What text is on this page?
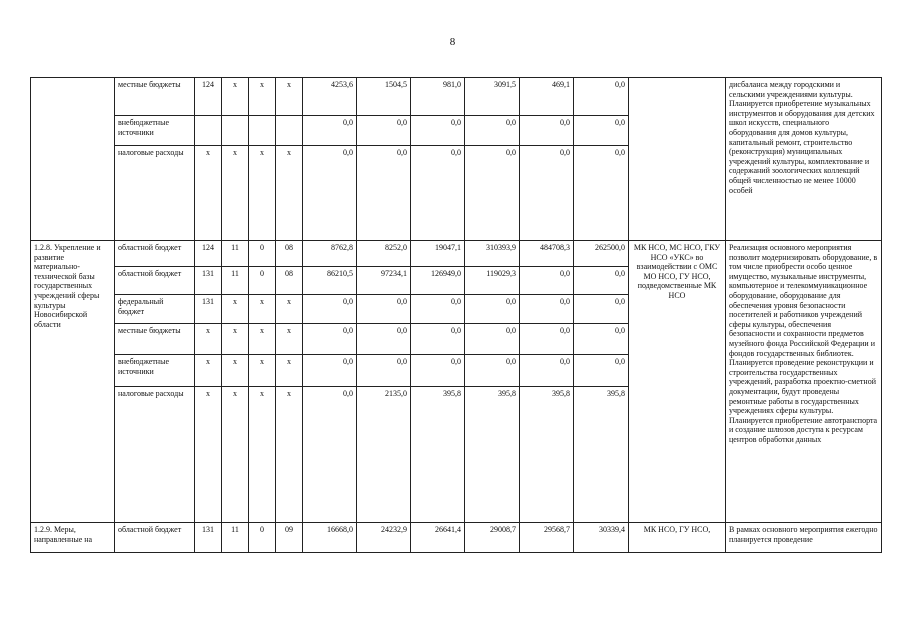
8
	местные бюджеты	124	x	x	x	4253,6	1504,5	981,0	3091,5	469,1	0,0		дисбаланса между городскими и сельскими учреждениями культуры. Планируется приобретение музыкальных инструментов и оборудования для детских школ искусств, специального оборудования для домов культуры, капитальный ремонт, строительство (реконструкция) муниципальных учреждений культуры, комплектование и содержаний зоологических коллекций общей численностью не менее 10000 особей
	внебюджетные источники					0,0	0,0	0,0	0,0	0,0	0,0		
	налоговые расходы	x	x	x	x	0,0	0,0	0,0	0,0	0,0	0,0		
1.2.8. Укрепление и развитие материально-технической базы государственных учреждений сферы культуры Новосибирской области	областной бюджет	124	11	0	08	8762,8	8252,0	19047,1	310393,9	484708,3	262500,0	МК НСО, МС НСО, ГКУ НСО «УКС» во взаимодействии с ОМС МО НСО, ГУ НСО, подведомственные МК НСО	Реализация основного мероприятия позволит модернизировать оборудование, в том числе приобрести особо ценное имущество, музыкальные инструменты, компьютерное и телекоммуникационное оборудование, оборудование для обеспечения уровня безопасности посетителей и работников учреждений сферы культуры, обеспечения безопасности и сохранности предметов музейного фонда Российской Федерации и фондов государственных библиотек. Планируется проведение реконструкции и строительства государственных учреждений, разработка проектно-сметной документации, будут проведены ремонтные работы в государственных учреждениях сферы культуры. Планируется приобретение автотранспорта и создание шлюзов доступа к ресурсам центров обработки данных
	областной бюджет	131	11	0	08	86210,5	97234,1	126949,0	119029,3	0,0	0,0		
	федеральный бюджет	131	x	x	x	0,0	0,0	0,0	0,0	0,0	0,0		
	местные бюджеты	x	x	x	x	0,0	0,0	0,0	0,0	0,0	0,0		
	внебюджетные источники	x	x	x	x	0,0	0,0	0,0	0,0	0,0	0,0		
	налоговые расходы	x	x	x	x	0,0	2135,0	395,8	395,8	395,8	395,8		
1.2.9. Меры, направленные на	областной бюджет	131	11	0	09	16668,0	24232,9	26641,4	29008,7	29568,7	30339,4	МК НСО, ГУ НСО,	В рамках основного мероприятия ежегодно планируется проведение
